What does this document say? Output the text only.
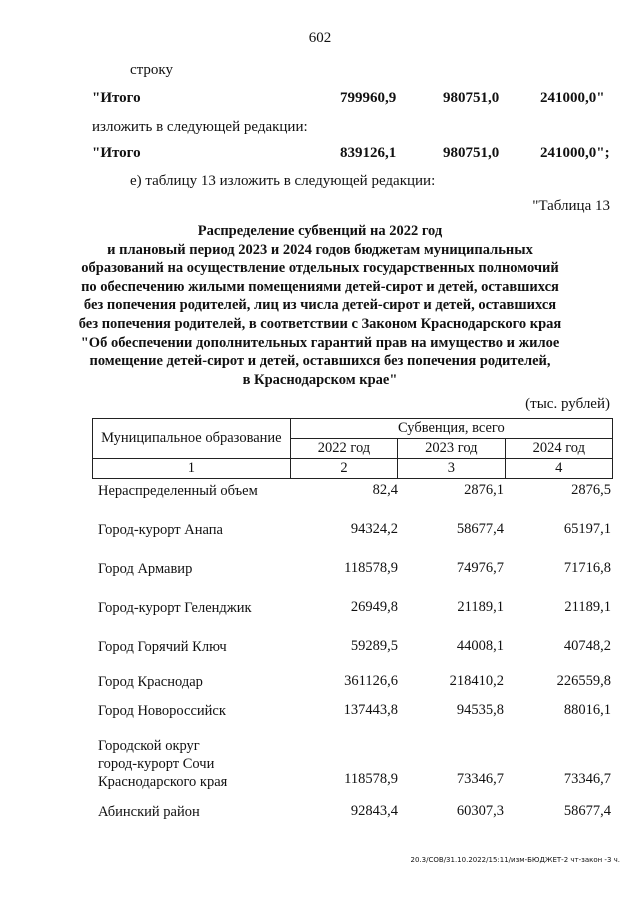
602
строку
"Итого	799960,9	980751,0	241000,0"
изложить в следующей редакции:
"Итого	839126,1	980751,0	241000,0";
е) таблицу 13 изложить в следующей редакции:
"Таблица 13
Распределение субвенций на 2022 год
и плановый период 2023 и 2024 годов бюджетам муниципальных
образований на осуществление отдельных государственных полномочий
по обеспечению жилыми помещениями детей-сирот и детей, оставшихся
без попечения родителей, лиц из числа детей-сирот и детей, оставшихся
без попечения родителей, в соответствии с Законом Краснодарского края
"Об обеспечении дополнительных гарантий прав на имущество и жилое
помещение детей-сирот и детей, оставшихся без попечения родителей,
в Краснодарском крае"
(тыс. рублей)
Муниципальное образование	Субвенция, всего		
	2022 год	2023 год	2024 год
1	2	3	4
Нераспределенный объем	82,4	2876,1	2876,5
Город-курорт Анапа	94324,2	58677,4	65197,1
Город Армавир	118578,9	74976,7	71716,8
Город-курорт Геленджик	26949,8	21189,1	21189,1
Город Горячий Ключ	59289,5	44008,1	40748,2
Город Краснодар	361126,6	218410,2	226559,8
Город Новороссийск	137443,8	94535,8	88016,1
Городской округ
город-курорт Сочи
Краснодарского края	118578,9	73346,7	73346,7
Абинский район	92843,4	60307,3	58677,4
20.3/СОВ/31.10.2022/15:11/изм-БЮДЖЕТ-2 чт-закон -3 ч.
